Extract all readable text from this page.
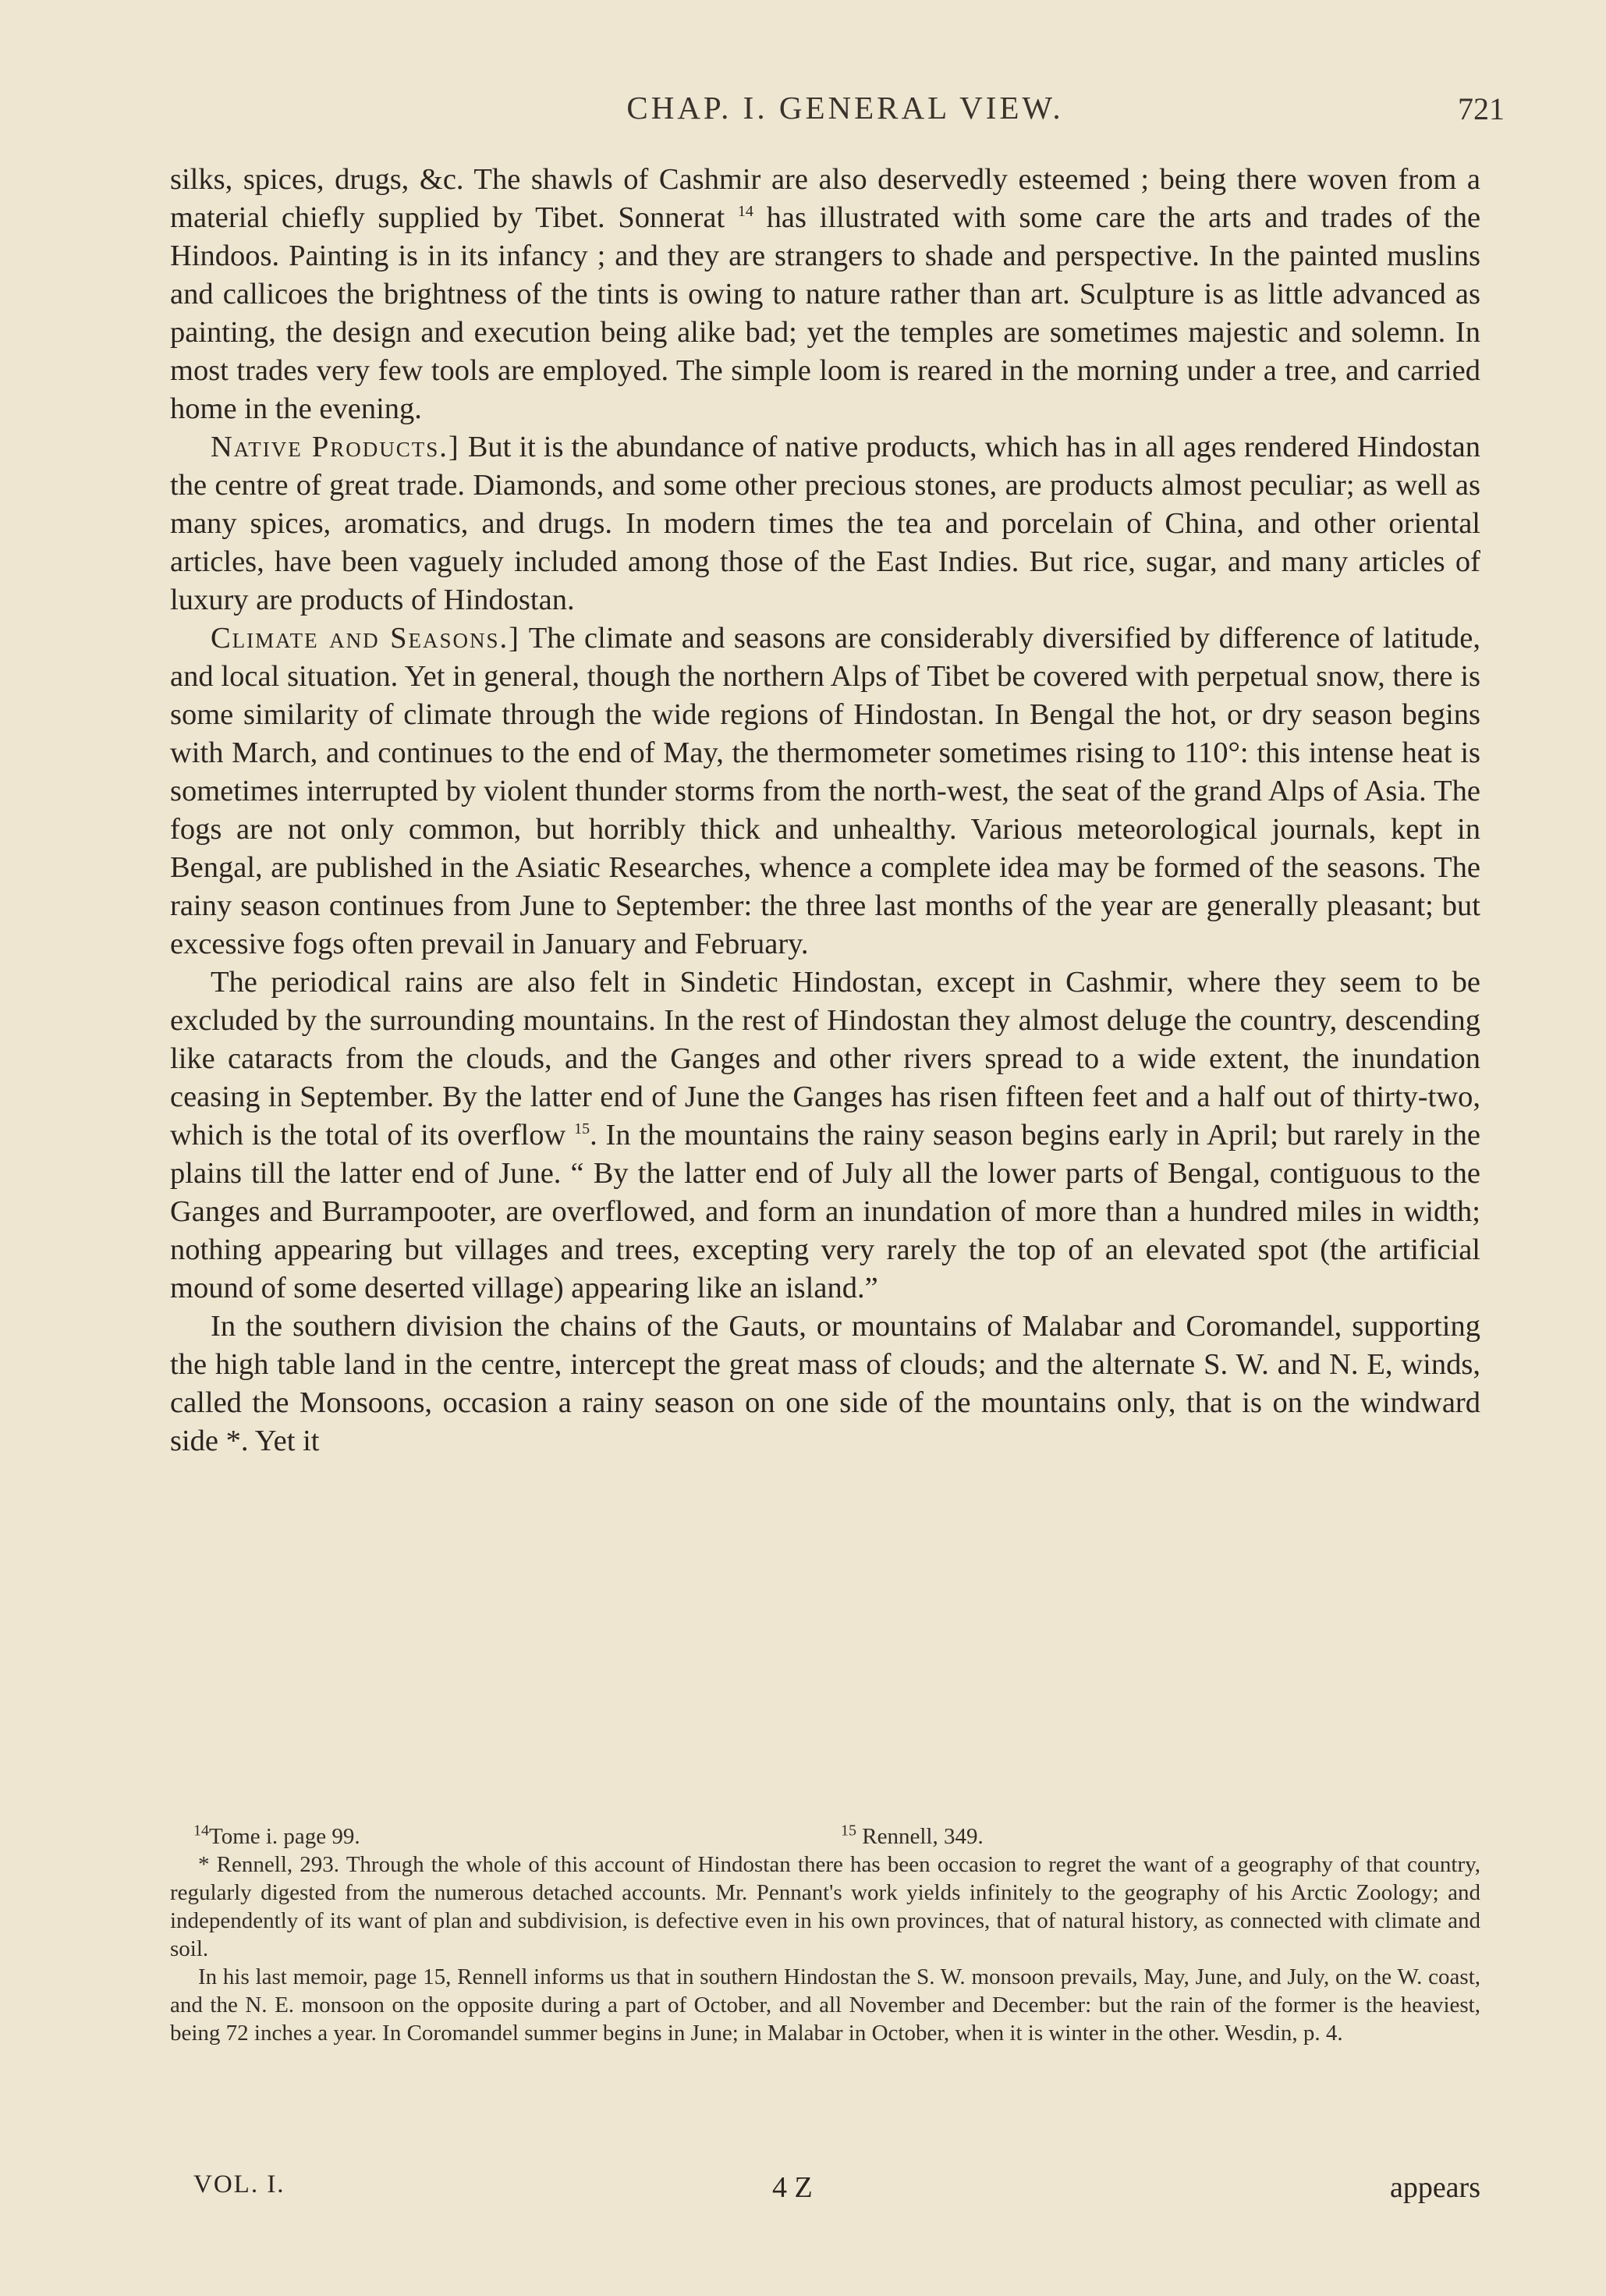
CHAP. I. GENERAL VIEW.	721

silks, spices, drugs, &c. The shawls of Cashmir are also deservedly esteemed ; being there woven from a material chiefly supplied by Tibet. Sonnerat $^{14}$ has illustrated with some care the arts and trades of the Hindoos. Painting is in its infancy ; and they are strangers to shade and perspective. In the painted muslins and callicoes the brightness of the tints is owing to nature rather than art. Sculpture is as little advanced as painting, the design and execution being alike bad; yet the temples are sometimes majestic and solemn. In most trades very few tools are employed. The simple loom is reared in the morning under a tree, and carried home in the evening.

Native Products.] But it is the abundance of native products, which has in all ages rendered Hindostan the centre of great trade. Diamonds, and some other precious stones, are products almost peculiar; as well as many spices, aromatics, and drugs. In modern times the tea and porcelain of China, and other oriental articles, have been vaguely included among those of the East Indies. But rice, sugar, and many articles of luxury are products of Hindostan.

Climate and Seasons.] The climate and seasons are considerably diversified by difference of latitude, and local situation. Yet in general, though the northern Alps of Tibet be covered with perpetual snow, there is some similarity of climate through the wide regions of Hindostan. In Bengal the hot, or dry season begins with March, and continues to the end of May, the thermometer sometimes rising to 110°: this intense heat is sometimes interrupted by violent thunder storms from the north-west, the seat of the grand Alps of Asia. The fogs are not only common, but horribly thick and unhealthy. Various meteorological journals, kept in Bengal, are published in the Asiatic Researches, whence a complete idea may be formed of the seasons. The rainy season continues from June to September: the three last months of the year are generally pleasant; but excessive fogs often prevail in January and February.

The periodical rains are also felt in Sindetic Hindostan, except in Cashmir, where they seem to be excluded by the surrounding mountains. In the rest of Hindostan they almost deluge the country, descending like cataracts from the clouds, and the Ganges and other rivers spread to a wide extent, the inundation ceasing in September. By the latter end of June the Ganges has risen fifteen feet and a half out of thirty-two, which is the total of its overflow $^{15}$. In the mountains the rainy season begins early in April; but rarely in the plains till the latter end of June. “ By the latter end of July all the lower parts of Bengal, contiguous to the Ganges and Burrampooter, are overflowed, and form an inundation of more than a hundred miles in width; nothing appearing but villages and trees, excepting very rarely the top of an elevated spot (the artificial mound of some deserted village) appearing like an island.”

In the southern division the chains of the Gauts, or mountains of Malabar and Coromandel, supporting the high table land in the centre, intercept the great mass of clouds; and the alternate S. W. and N. E, winds, called the Monsoons, occasion a rainy season on one side of the mountains only, that is on the windward side *. Yet it

$^{14}$Tome i. page 99.	$^{15}$ Rennell, 349.

* Rennell, 293. Through the whole of this account of Hindostan there has been occasion to regret the want of a geography of that country, regularly digested from the numerous detached accounts. Mr. Pennant's work yields infinitely to the geography of his Arctic Zoology; and independently of its want of plan and subdivision, is defective even in his own provinces, that of natural history, as connected with climate and soil.

In his last memoir, page 15, Rennell informs us that in southern Hindostan the S. W. monsoon prevails, May, June, and July, on the W. coast, and the N. E. monsoon on the opposite during a part of October, and all November and December: but the rain of the former is the heaviest, being 72 inches a year. In Coromandel summer begins in June; in Malabar in October, when it is winter in the other. Wesdin, p. 4.

VOL. I.	4 Z	appears
